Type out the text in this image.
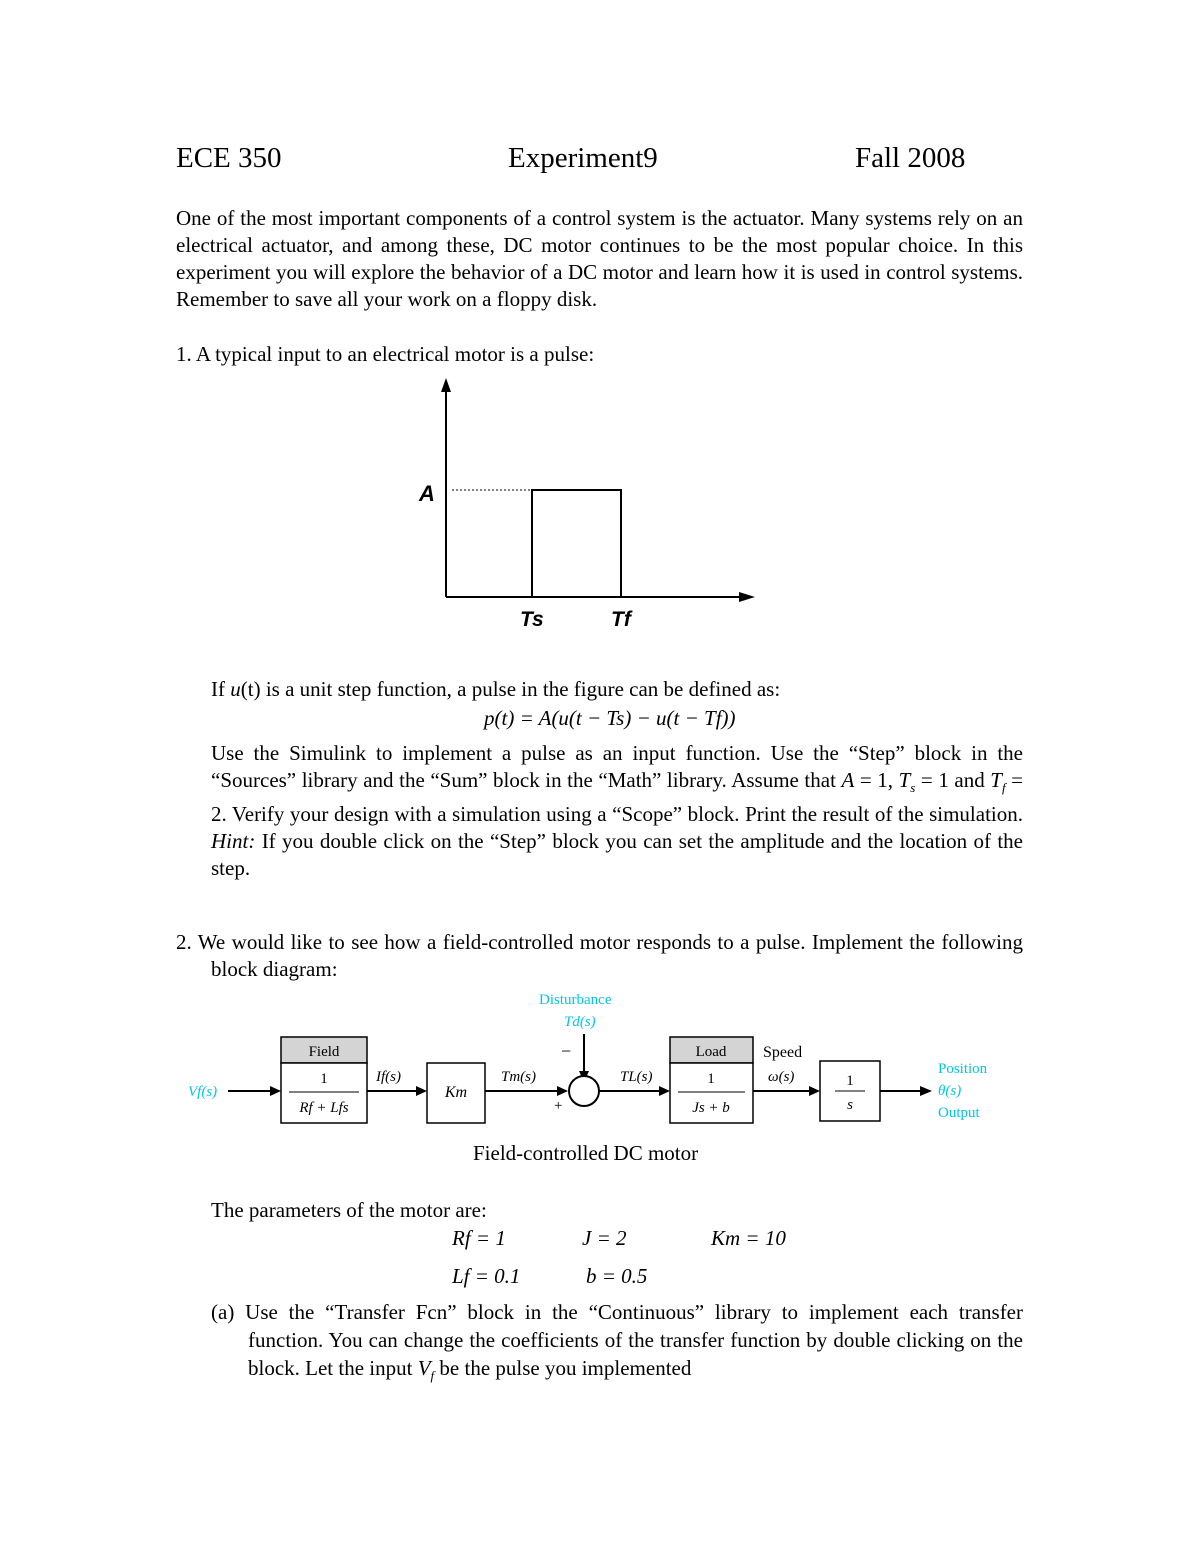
ECE 350	Experiment9	Fall 2008
One of the most important components of a control system is the actuator. Many systems rely on an electrical actuator, and among these, DC motor continues to be the most popular choice. In this experiment you will explore the behavior of a DC motor and learn how it is used in control systems. Remember to save all your work on a floppy disk.
1. A typical input to an electrical motor is a pulse:
A
Ts	Tf
If u(t) is a unit step function, a pulse in the figure can be defined as:
p(t) = A(u(t − Ts) − u(t − Tf))
Use the Simulink to implement a pulse as an input function. Use the “Step” block in the “Sources” library and the “Sum” block in the “Math” library. Assume that A = 1, $T_s = 1$ and $T_f = 2$. Verify your design with a simulation using a “Scope” block. Print the result of the simulation. Hint: If you double click on the “Step” block you can set the amplitude and the location of the step.
2. We would like to see how a field-controlled motor responds to a pulse. Implement the following block diagram:
Disturbance
Td(s)
−
+
Vf(s)
Field
1
Rf + Lfs
If(s)
Km
Tm(s)	TL(s)
Load
1
Js + b
Speed
ω(s)	1
s
Position
θ(s)
Output
Field-controlled DC motor
The parameters of the motor are:
Rf = 1	J = 2	Km = 10
Lf = 0.1	b = 0.5
(a) Use the “Transfer Fcn” block in the “Continuous” library to implement each transfer function. You can change the coefficients of the transfer function by double clicking on the block. Let the input $V_f$ be the pulse you implemented
